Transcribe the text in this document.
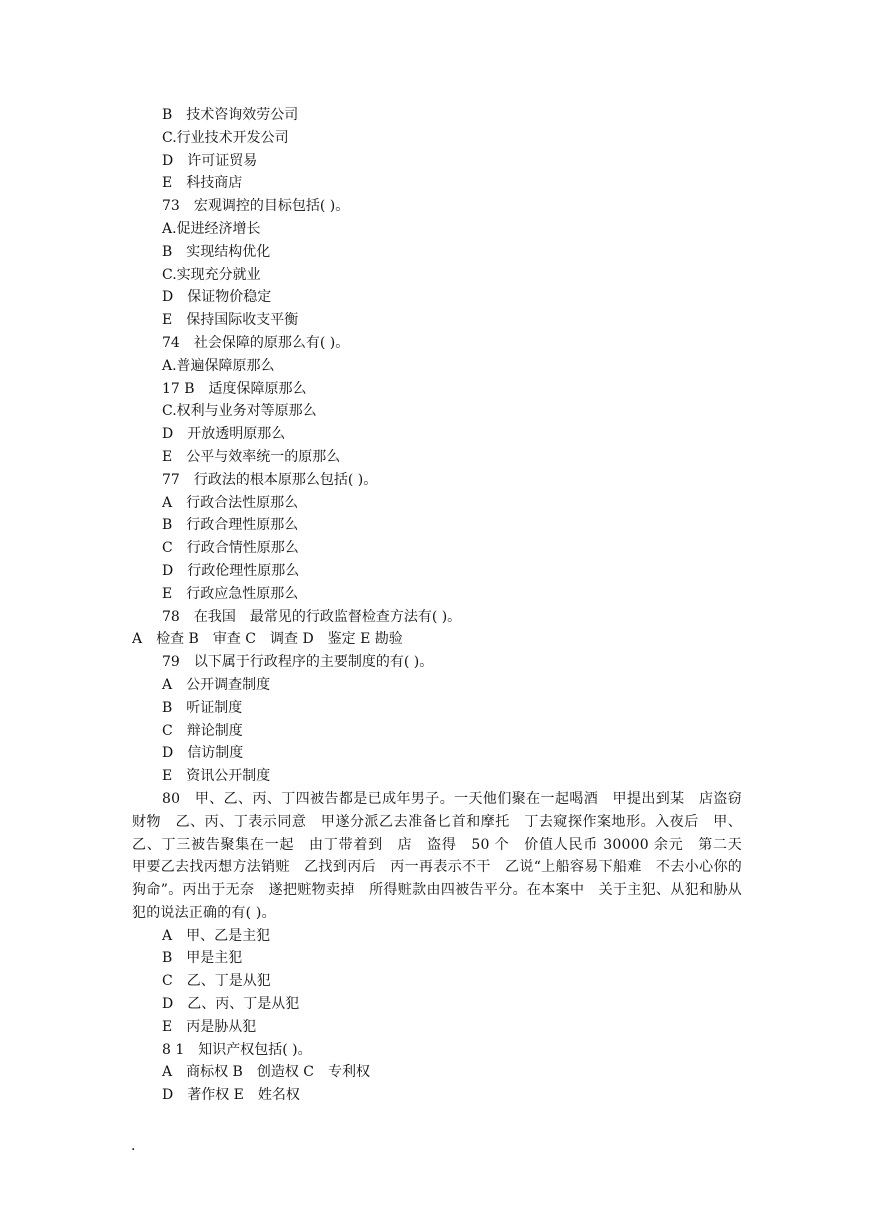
B　技术咨询效劳公司
C.行业技术开发公司
D　许可证贸易
E　科技商店
73　宏观调控的目标包括( )。
A.促进经济增长
B　实现结构优化
C.实现充分就业
D　保证物价稳定
E　保持国际收支平衡
74　社会保障的原那么有( )。
A.普遍保障原那么
17 B　适度保障原那么
C.权利与业务对等原那么
D　开放透明原那么
E　公平与效率统一的原那么
77　行政法的根本原那么包括( )。
A　行政合法性原那么
B　行政合理性原那么
C　行政合情性原那么
D　行政伦理性原那么
E　行政应急性原那么
78　在我国　最常见的行政监督检查方法有( )。
A　检查 B　审查 C　调查 D　鉴定 E 勘验
79　以下属于行政程序的主要制度的有( )。
A　公开调查制度
B　听证制度
C　辩论制度
D　信访制度
E　资讯公开制度
80　甲、乙、丙、丁四被告都是已成年男子。一天他们聚在一起喝酒　甲提出到某　店盗窃财物　乙、丙、丁表示同意　甲遂分派乙去准备匕首和摩托　丁去窥探作案地形。入夜后　甲、乙、丁三被告聚集在一起　由丁带着到　店　盗得　50 个　价值人民币 30000 余元　第二天　甲要乙去找丙想方法销赃　乙找到丙后　丙一再表示不干　乙说“上船容易下船难　不去小心你的狗命”。丙出于无奈　遂把赃物卖掉　所得赃款由四被告平分。在本案中　关于主犯、从犯和胁从犯的说法正确的有( )。
A　甲、乙是主犯
B　甲是主犯
C　乙、丁是从犯
D　乙、丙、丁是从犯
E　丙是胁从犯
8 1　知识产权包括( )。
A　商标权 B　创造权 C　专利权
D　著作权 E　姓名权
.
